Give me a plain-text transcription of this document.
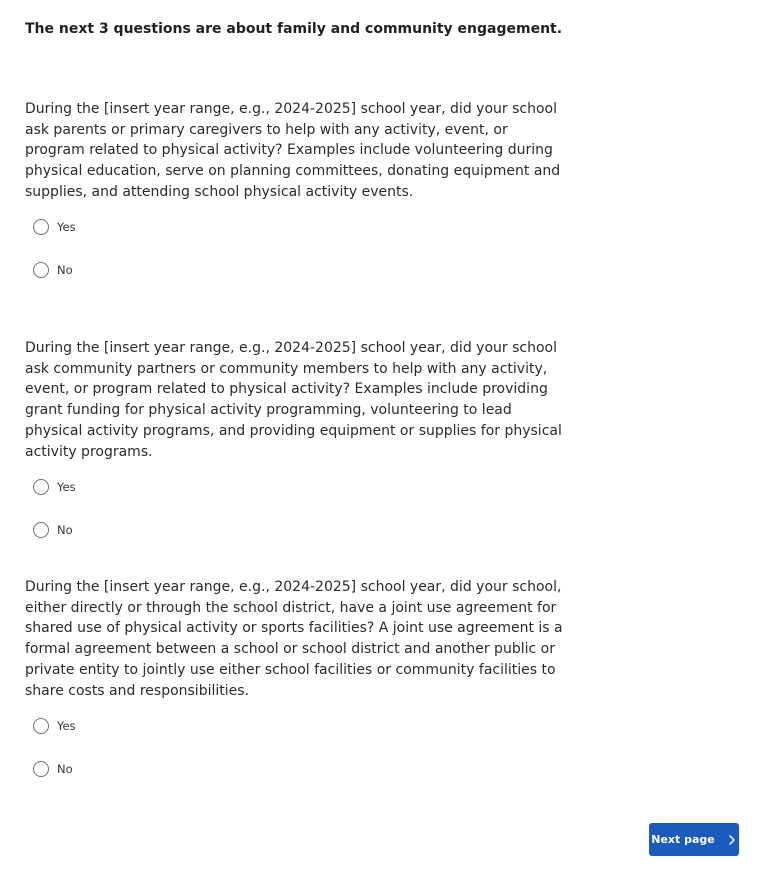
The next 3 questions are about family and community engagement.

During the [insert year range, e.g., 2024-2025] school year, did your school ask parents or primary caregivers to help with any activity, event, or program related to physical activity? Examples include volunteering during physical education, serve on planning committees, donating equipment and supplies, and attending school physical activity events.

Yes
No

During the [insert year range, e.g., 2024-2025] school year, did your school ask community partners or community members to help with any activity, event, or program related to physical activity? Examples include providing grant funding for physical activity programming, volunteering to lead physical activity programs, and providing equipment or supplies for physical activity programs.

Yes
No

During the [insert year range, e.g., 2024-2025] school year, did your school, either directly or through the school district, have a joint use agreement for shared use of physical activity or sports facilities? A joint use agreement is a formal agreement between a school or school district and another public or private entity to jointly use either school facilities or community facilities to share costs and responsibilities.

Yes
No
Next page
